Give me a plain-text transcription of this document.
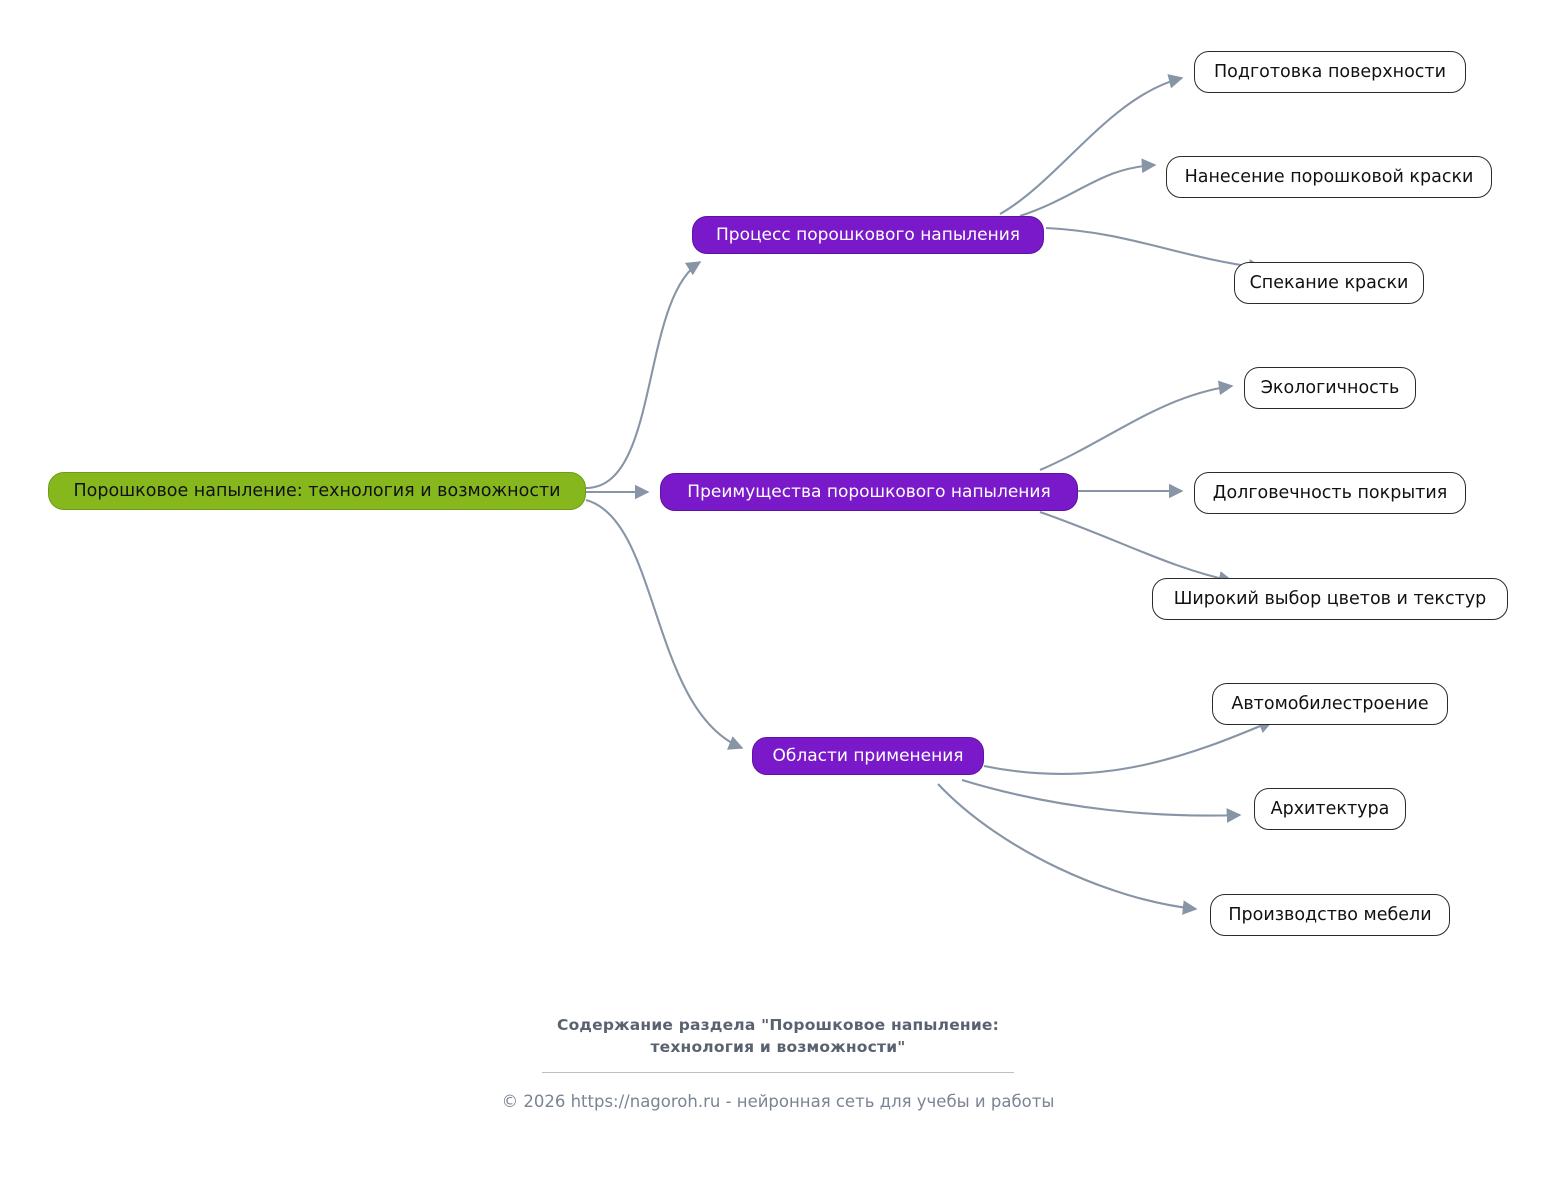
Порошковое напыление: технология и возможности
Процесс порошкового напыления
Преимущества порошкового напыления
Области применения
Подготовка поверхности
Нанесение порошковой краски
Спекание краски
Экологичность
Долговечность покрытия
Широкий выбор цветов и текстур
Автомобилестроение
Архитектура
Производство мебели
Содержание раздела "Порошковое напыление:
технология и возможности"
© 2026 https://nagoroh.ru - нейронная сеть для учебы и работы
